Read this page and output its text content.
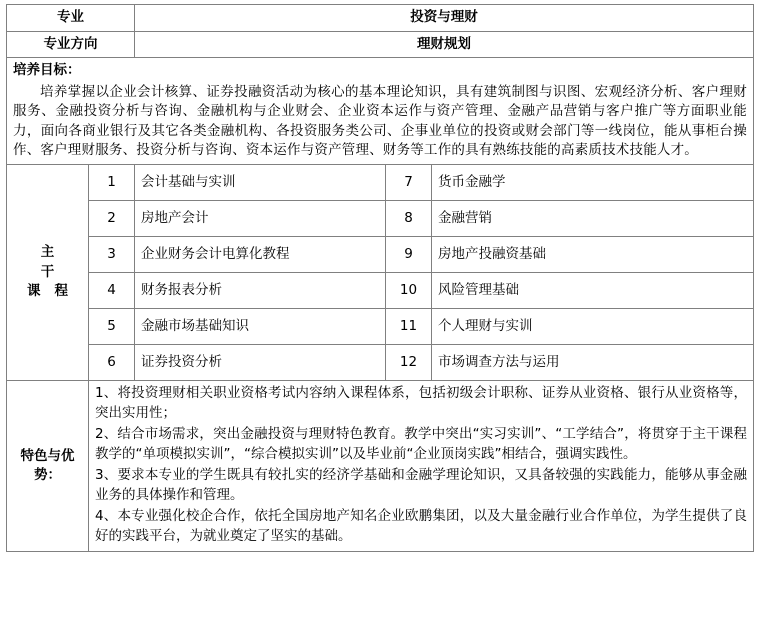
专业		投资与理财		
专业方向		理财规划		
培养目标：
培养掌握以企业会计核算、证券投融资活动为核心的基本理论知识，具有建筑制图与识图、宏观经济分析、客户理财服务、金融投资分析与咨询、金融机构与企业财会、企业资本运作与资产管理、金融产品营销与客户推广等方面职业能力，面向各商业银行及其它各类金融机构、各投资服务类公司、企事业单位的投资或财会部门等一线岗位，能从事柜台操作、客户理财服务、投资分析与咨询、资本运作与资产管理、财务等工作的具有熟练技能的高素质技术技能人才。				

主
干
课 程	1	会计基础与实训	7	货币金融学
	2	房地产会计	8	金融营销
	3	企业财务会计电算化教程	9	房地产投融资基础
	4	财务报表分析	10	风险管理基础
	5	金融市场基础知识	11	个人理财与实训
	6	证券投资分析	12	市场调查方法与运用
特色与优势：	1、将投资理财相关职业资格考试内容纳入课程体系，包括初级会计职称、证券从业资格、银行从业资格等，突出实用性；

2、结合市场需求，突出金融投资与理财特色教育。教学中突出“实习实训”、“工学结合”，将贯穿于主干课程教学的“单项模拟实训”，“综合模拟实训”以及毕业前“企业顶岗实践”相结合，强调实践性。

3、要求本专业的学生既具有较扎实的经济学基础和金融学理论知识，又具备较强的实践能力，能够从事金融业务的具体操作和管理。

4、本专业强化校企合作，依托全国房地产知名企业欧鹏集团，以及大量金融行业合作单位，为学生提供了良好的实践平台，为就业奠定了坚实的基础。			
